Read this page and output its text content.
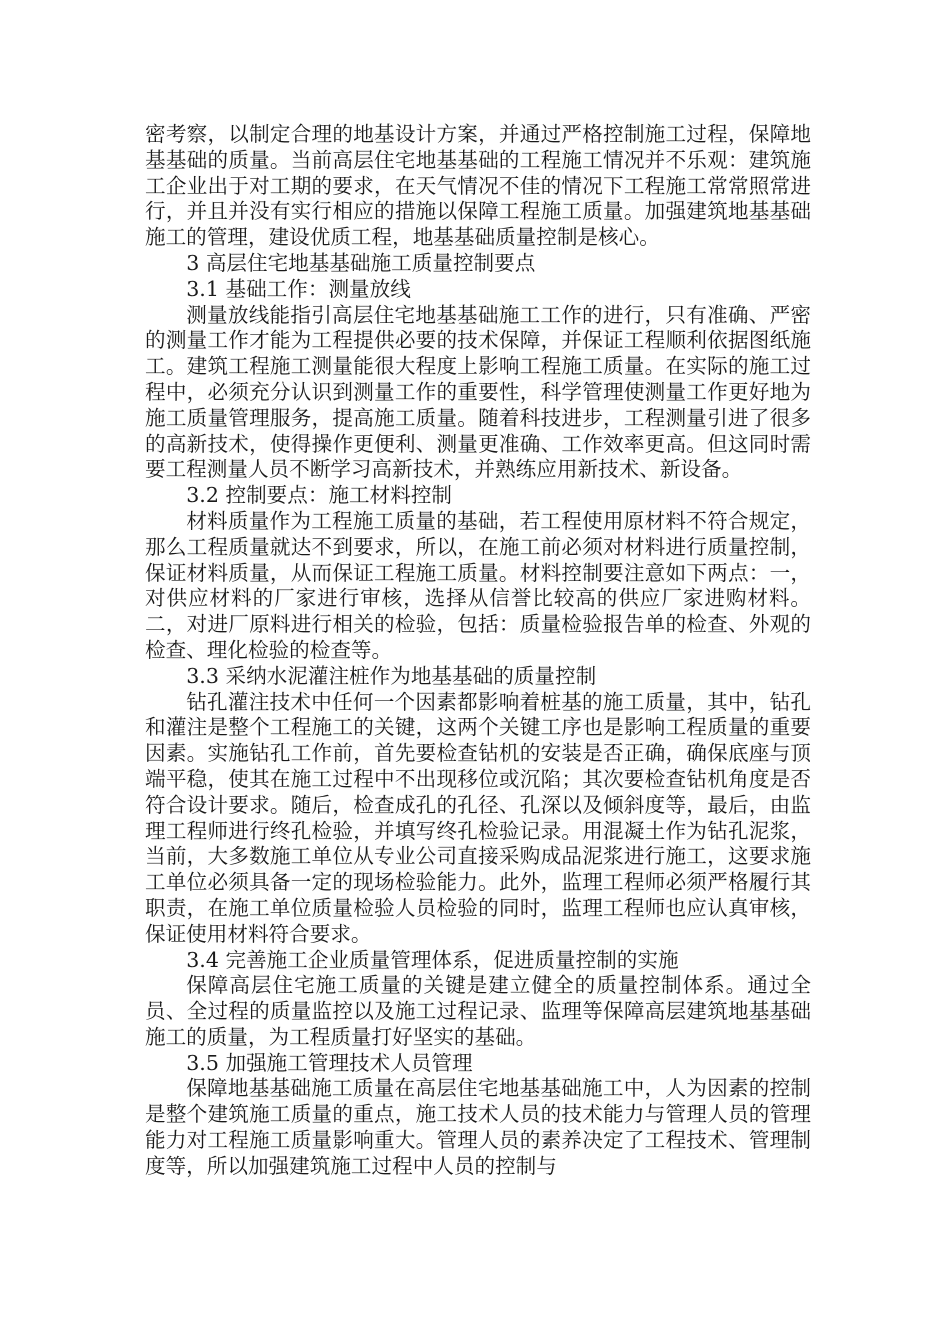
密考察，以制定合理的地基设计方案，并通过严格控制施工过程，保障地基基础的质量。当前高层住宅地基基础的工程施工情况并不乐观：建筑施工企业出于对工期的要求，在天气情况不佳的情况下工程施工常常照常进行，并且并没有实行相应的措施以保障工程施工质量。加强建筑地基基础施工的管理，建设优质工程，地基基础质量控制是核心。

3 高层住宅地基基础施工质量控制要点

3.1 基础工作：测量放线

测量放线能指引高层住宅地基基础施工工作的进行，只有准确、严密的测量工作才能为工程提供必要的技术保障，并保证工程顺利依据图纸施工。建筑工程施工测量能很大程度上影响工程施工质量。在实际的施工过程中，必须充分认识到测量工作的重要性，科学管理使测量工作更好地为施工质量管理服务，提高施工质量。随着科技进步，工程测量引进了很多的高新技术，使得操作更便利、测量更准确、工作效率更高。但这同时需要工程测量人员不断学习高新技术，并熟练应用新技术、新设备。

3.2 控制要点：施工材料控制

材料质量作为工程施工质量的基础，若工程使用原材料不符合规定，那么工程质量就达不到要求，所以，在施工前必须对材料进行质量控制，保证材料质量，从而保证工程施工质量。材料控制要注意如下两点：一，对供应材料的厂家进行审核，选择从信誉比较高的供应厂家进购材料。二，对进厂原料进行相关的检验，包括：质量检验报告单的检查、外观的检查、理化检验的检查等。

3.3 采纳水泥灌注桩作为地基基础的质量控制

钻孔灌注技术中任何一个因素都影响着桩基的施工质量，其中，钻孔和灌注是整个工程施工的关键，这两个关键工序也是影响工程质量的重要因素。实施钻孔工作前，首先要检查钻机的安装是否正确，确保底座与顶端平稳，使其在施工过程中不出现移位或沉陷；其次要检查钻机角度是否符合设计要求。随后，检查成孔的孔径、孔深以及倾斜度等，最后，由监理工程师进行终孔检验，并填写终孔检验记录。用混凝土作为钻孔泥浆，当前，大多数施工单位从专业公司直接采购成品泥浆进行施工，这要求施工单位必须具备一定的现场检验能力。此外，监理工程师必须严格履行其职责，在施工单位质量检验人员检验的同时，监理工程师也应认真审核，保证使用材料符合要求。

3.4 完善施工企业质量管理体系，促进质量控制的实施

保障高层住宅施工质量的关键是建立健全的质量控制体系。通过全员、全过程的质量监控以及施工过程记录、监理等保障高层建筑地基基础施工的质量，为工程质量打好坚实的基础。

3.5 加强施工管理技术人员管理

保障地基基础施工质量在高层住宅地基基础施工中，人为因素的控制是整个建筑施工质量的重点，施工技术人员的技术能力与管理人员的管理能力对工程施工质量影响重大。管理人员的素养决定了工程技术、管理制度等，所以加强建筑施工过程中人员的控制与
